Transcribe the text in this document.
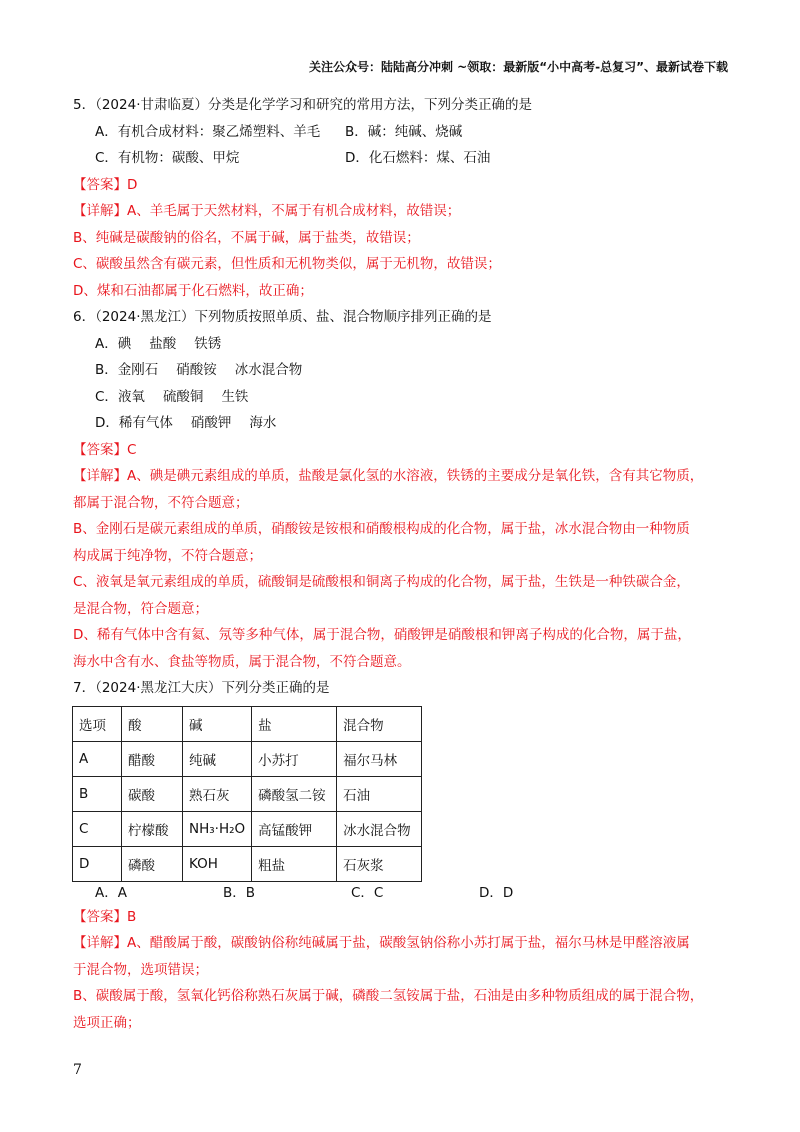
关注公众号：陆陆高分冲刺 ~领取：最新版“小中高考-总复习”、最新试卷下载
5．（2024·甘肃临夏）分类是化学学习和研究的常用方法，下列分类正确的是
A．有机合成材料：聚乙烯塑料、羊毛 B．碱：纯碱、烧碱
C．有机物：碳酸、甲烷	D．化石燃料：煤、石油
【答案】D
【详解】A、羊毛属于天然材料，不属于有机合成材料，故错误；
B、纯碱是碳酸钠的俗名，不属于碱，属于盐类，故错误；
C、碳酸虽然含有碳元素，但性质和无机物类似，属于无机物，故错误；
D、煤和石油都属于化石燃料，故正确；
6．（2024·黑龙江）下列物质按照单质、盐、混合物顺序排列正确的是
A．碘 盐酸 铁锈
B．金刚石 硝酸铵 冰水混合物
C．液氧 硫酸铜 生铁
D．稀有气体 硝酸钾 海水
【答案】C
【详解】A、碘是碘元素组成的单质，盐酸是氯化氢的水溶液，铁锈的主要成分是氧化铁，含有其它物质，
都属于混合物，不符合题意；
B、金刚石是碳元素组成的单质，硝酸铵是铵根和硝酸根构成的化合物，属于盐，冰水混合物由一种物质
构成属于纯净物，不符合题意；
C、液氧是氧元素组成的单质，硫酸铜是硫酸根和铜离子构成的化合物，属于盐，生铁是一种铁碳合金，
是混合物，符合题意；
D、稀有气体中含有氦、氖等多种气体，属于混合物，硝酸钾是硝酸根和钾离子构成的化合物，属于盐，
海水中含有水、食盐等物质，属于混合物，不符合题意。
7．（2024·黑龙江大庆）下列分类正确的是
选项	酸	碱	盐	混合物
A	醋酸	纯碱	小苏打	福尔马林
B	碳酸	熟石灰	磷酸氢二铵	石油
C	柠檬酸	NH₃·H₂O	高锰酸钾	冰水混合物
D	磷酸	KOH	粗盐	石灰浆
A．A	B．B	C．C	D．D
【答案】B
【详解】A、醋酸属于酸，碳酸钠俗称纯碱属于盐，碳酸氢钠俗称小苏打属于盐，福尔马林是甲醛溶液属
于混合物，选项错误；
B、碳酸属于酸，氢氧化钙俗称熟石灰属于碱，磷酸二氢铵属于盐，石油是由多种物质组成的属于混合物，
选项正确；
7
